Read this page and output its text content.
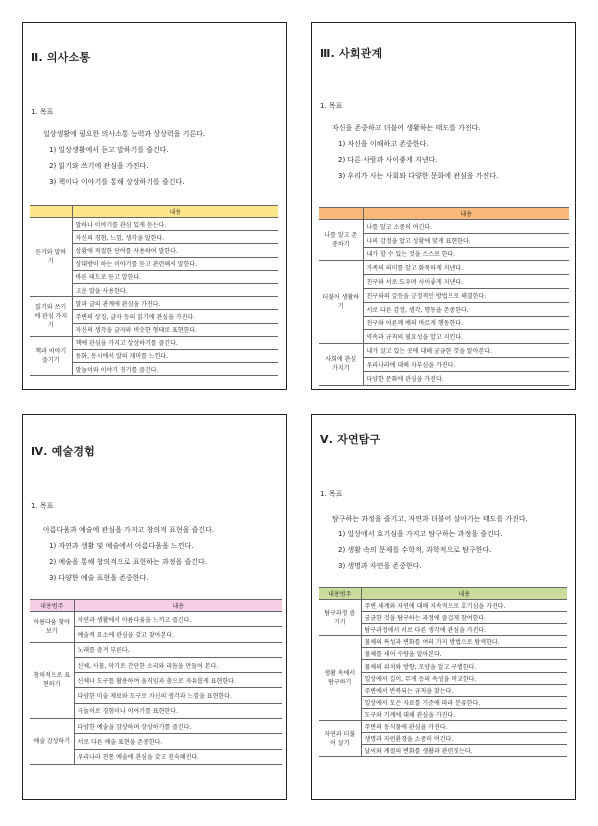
Ⅱ. 의사소통
1. 목표
일상생활에 필요한 의사소통 능력과 상상력을 기른다.
1) 일상생활에서 듣고 말하기를 즐긴다.
2) 읽기와 쓰기에 관심을 가진다.
3) 책이나 이야기를 통해 상상하기를 즐긴다.
	내용
듣기와 말하기	말하나 이야기를 관심 있게 듣는다.
	자신의 경험, 느낌, 생각을 말한다.
	상황에 적절한 단어를 사용하여 말한다.
	상대방이 하는 이야기를 듣고 관련해서 말한다.
	바른 태도로 듣고 말한다.
	고운 말을 사용한다.
읽기와 쓰기에 관심 가지기	말과 글의 관계에 관심을 가진다.
	주변의 상징, 글자 등의 읽기에 관심을 가진다.
	자신의 생각을 글자와 비슷한 형태로 표현한다.
책과 이야기 즐기기	책에 관심을 가지고 상상하기를 즐긴다.
	동화, 동시에서 말의 재미를 느낀다.
	말놀이와 이야기 짓기를 즐긴다.
Ⅲ. 사회관계
1. 목표
자신을 존중하고 더불어 생활하는 태도를 가진다.
1) 자신을 이해하고 존중한다.
2) 다른 사람과 사이좋게 지낸다.
3) 우리가 사는 사회와 다양한 문화에 관심을 가진다.
	내용
나를 알고 존중하기	나를 알고 소중히 여긴다.
	나의 감정을 알고 상황에 맞게 표현한다.
	내가 할 수 있는 것을 스스로 한다.
더불어 생활하기	가족의 의미를 알고 화목하게 지낸다.
	친구와 서로 도우며 사이좋게 지낸다.
	친구와의 갈등을 긍정적인 방법으로 해결한다.
	서로 다른 감정, 생각, 행동을 존중한다.
	친구와 어른께 예의 바르게 행동한다.
	약속과 규칙의 필요성을 알고 지킨다.
사회에 관심 가지기	내가 살고 있는 곳에 대해 궁금한 것을 알아본다.
	우리나라에 대해 자부심을 가진다.
	다양한 문화에 관심을 가진다.
Ⅳ. 예술경험
1. 목표
아름다움과 예술에 관심을 가지고 창의적 표현을 즐긴다.
1) 자연과 생활 및 예술에서 아름다움을 느낀다.
2) 예술을 통해 창의적으로 표현하는 과정을 즐긴다.
3) 다양한 예술 표현을 존중한다.
내용범주	내용
아름다움 찾아보기	자연과 생활에서 아름다움을 느끼고 즐긴다.
	예술적 요소에 관심을 갖고 찾아본다.
창의적으로 표현하기	노래를 즐겨 부른다.
	신체, 사물, 악기로 간단한 소리와 리듬을 만들어 본다.
	신체나 도구를 활용하여 움직임과 춤으로 자유롭게 표현한다.
	다양한 미술 재료와 도구로 자신의 생각과 느낌을 표현한다.
	극놀이로 경험이나 이야기를 표현한다.
예술 감상하기	다양한 예술을 감상하며 상상하기를 즐긴다.
	서로 다른 예술 표현을 존중한다.
	우리나라 전통 예술에 관심을 갖고 친숙해진다.
Ⅴ. 자연탐구
1. 목표
탐구하는 과정을 즐기고, 자연과 더불어 살아가는 태도를 가진다.
1) 일상에서 호기심을 가지고 탐구하는 과정을 즐긴다.
2) 생활 속의 문제를 수학적, 과학적으로 탐구한다.
3) 생명과 자연을 존중한다.
내용범주	내용
탐구과정 즐기기	주변 세계와 자연에 대해 지속적으로 호기심을 가진다.
	궁금한 것을 탐구하는 과정에 즐겁게 참여한다.
	탐구과정에서 서로 다른 생각에 관심을 가진다.
생활 속에서 탐구하기	물체의 특성과 변화를 여러 가지 방법으로 탐색한다.
	물체를 세어 수량을 알아본다.
	물체의 위치와 방향, 모양을 알고 구별한다.
	일상에서 길이, 무게 등의 속성을 비교한다.
	주변에서 반복되는 규칙을 찾는다.
	일상에서 모은 자료를 기준에 따라 분류한다.
	도구와 기계에 대해 관심을 가진다.
자연과 더불어 살기	주변의 동식물에 관심을 가진다.
	생명과 자연환경을 소중히 여긴다.
	날씨와 계절의 변화를 생활과 관련짓는다.
